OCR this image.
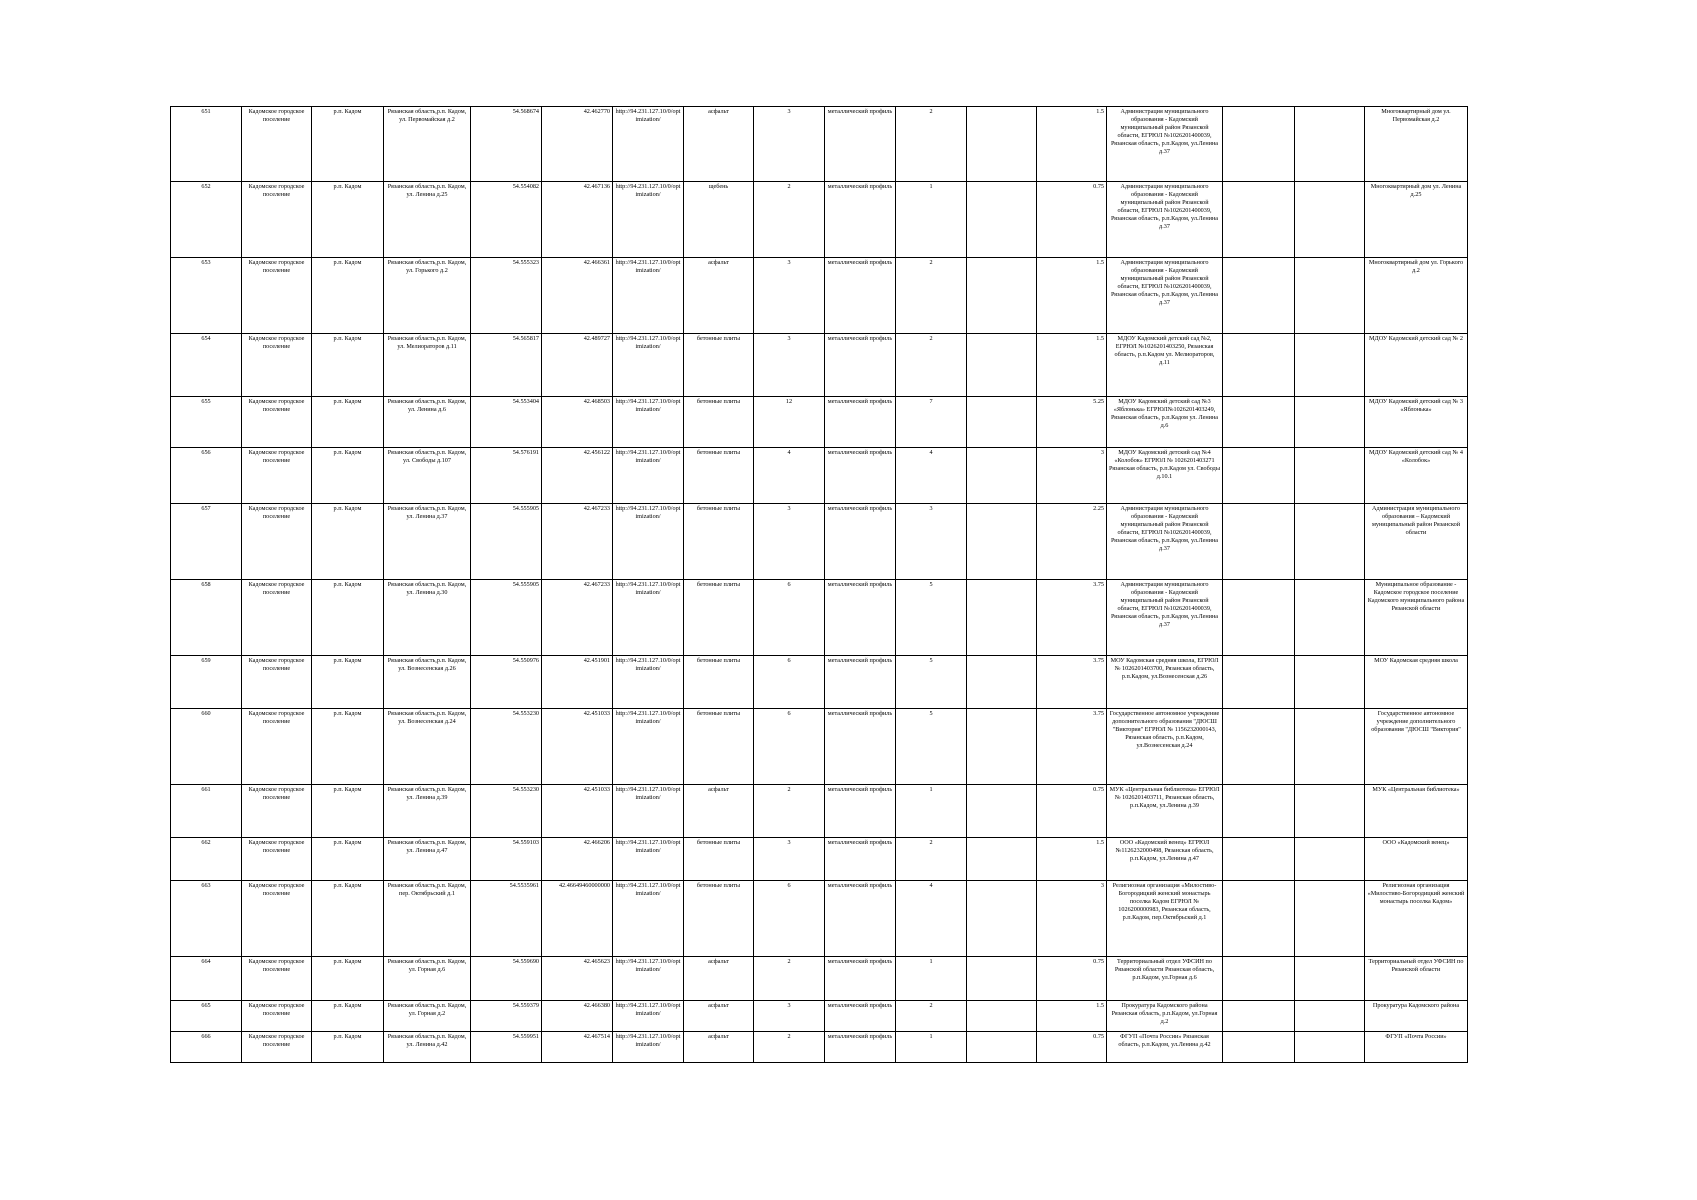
651	Кадомское городское поселение	р.п. Кадом	Рязанская область,р.п. Кадом, ул. Первомайская д.2	54.568674	42.462770	http://94.231.127.10/0/optimization/	асфальт	3	металлический профиль	2		1.5	Администрация муниципального образования - Кадомский муниципальный район Рязанской области, ЕГРЮЛ №1026201400039, Рязанская область, р.п.Кадом, ул.Ленина д.37			Многоквартирный дом ул. Первомайская д.2
652	Кадомское городское поселение	р.п. Кадом	Рязанская область,р.п. Кадом, ул. Ленина д.25	54.554082	42.467136	http://94.231.127.10/0/optimization/	щебень	2	металлический профиль	1		0.75	Администрация муниципального образования - Кадомский муниципальный район Рязанской области, ЕГРЮЛ №1026201400039, Рязанская область, р.п.Кадом, ул.Ленина д.37			Многоквартирный дом ул. Ленина д.25
653	Кадомское городское поселение	р.п. Кадом	Рязанская область,р.п. Кадом, ул. Горького д.2	54.555323	42.466361	http://94.231.127.10/0/optimization/	асфальт	3	металлический профиль	2		1.5	Администрация муниципального образования - Кадомский муниципальный район Рязанской области, ЕГРЮЛ №1026201400039, Рязанская область, р.п.Кадом, ул.Ленина д.37			Многоквартирный дом ул. Горького д.2
654	Кадомское городское поселение	р.п. Кадом	Рязанская область,р.п. Кадом, ул. Мелиораторов д.11	54.565817	42.489727	http://94.231.127.10/0/optimization/	бетонные плиты	3	металлический профиль	2		1.5	МДОУ Кадомский детский сад №2, ЕГРЮЛ №1026201403250, Рязанская область, р.п.Кадом ул. Мелиораторов, д.11			МДОУ Кадомский детский сад № 2
655	Кадомское городское поселение	р.п. Кадом	Рязанская область,р.п. Кадом, ул. Ленина д.6	54.553404	42.468503	http://94.231.127.10/0/optimization/	бетонные плиты	12	металлический профиль	7		5.25	МДОУ Кадомский детский сад №3 «Яблонька» ЕГРЮЛ№1026201403249, Рязанская область, р.п.Кадом ул. Ленина д.6			МДОУ Кадомский детский сад № 3 «Яблонька»
656	Кадомское городское поселение	р.п. Кадом	Рязанская область,р.п. Кадом, ул. Свободы д.107	54.576191	42.456122	http://94.231.127.10/0/optimization/	бетонные плиты	4	металлический профиль	4		3	МДОУ Кадомский детский сад №4 «Колобок» ЕГРЮЛ № 1026201403271 Рязанская область, р.п.Кадом ул. Свободы д.10.1			МДОУ Кадомский детский сад № 4 «Колобок»
657	Кадомское городское поселение	р.п. Кадом	Рязанская область,р.п. Кадом, ул. Ленина д.37	54.555905	42.467233	http://94.231.127.10/0/optimization/	бетонные плиты	3	металлический профиль	3		2.25	Администрация муниципального образования - Кадомский муниципальный район Рязанской области, ЕГРЮЛ №1026201400039, Рязанская область, р.п.Кадом, ул.Ленина д.37			Администрация муниципального образования – Кадомский муниципальный район Рязанской области
658	Кадомское городское поселение	р.п. Кадом	Рязанская область,р.п. Кадом, ул. Ленина д.30	54.555905	42.467233	http://94.231.127.10/0/optimization/	бетонные плиты	6	металлический профиль	5		3.75	Администрация муниципального образования - Кадомский муниципальный район Рязанской области, ЕГРЮЛ №1026201400039, Рязанская область, р.п.Кадом, ул.Ленина д.37			Муниципальное образование - Кадомское городское поселение Кадомского муниципального района Рязанской области
659	Кадомское городское поселение	р.п. Кадом	Рязанская область,р.п. Кадом, ул. Вознесенская д.26	54.550976	42.451901	http://94.231.127.10/0/optimization/	бетонные плиты	6	металлический профиль	5		3.75	МОУ Кадомская средняя школа, ЕГРЮЛ № 1026201403700, Рязанская область, р.п.Кадом, ул.Вознесенская д.26			МОУ Кадомская средняя школа
660	Кадомское городское поселение	р.п. Кадом	Рязанская область,р.п. Кадом, ул. Вознесенская д.24	54.553230	42.451033	http://94.231.127.10/0/optimization/	бетонные плиты	6	металлический профиль	5		3.75	Государственное автономное учреждение дополнительного образования "ДЮСШ "Виктория" ЕГРЮЛ № 1156232000143, Рязанская область, р.п.Кадом, ул.Вознесенская д.24			Государственное автономное учреждение дополнительного образования "ДЮСШ "Виктория"
661	Кадомское городское поселение	р.п. Кадом	Рязанская область,р.п. Кадом, ул. Ленина д.39	54.553230	42.451033	http://94.231.127.10/0/optimization/	асфальт	2	металлический профиль	1		0.75	МУК «Центральная библиотека» ЕГРЮЛ № 1026201403711, Рязанская область, р.п.Кадом, ул.Ленина д.39			МУК «Центральная библиотека»
662	Кадомское городское поселение	р.п. Кадом	Рязанская область,р.п. Кадом, ул. Ленина д.47	54.559103	42.466206	http://94.231.127.10/0/optimization/	бетонные плиты	3	металлический профиль	2		1.5	ООО «Кадомский венец» ЕГРЮЛ №1126232000498, Рязанская область, р.п.Кадом, ул.Ленина д.47			ООО «Кадомский венец»
663	Кадомское городское поселение	р.п. Кадом	Рязанская область,р.п. Кадом, пер. Октябрьский д.1	54.5535961	42.46649460000000	http://94.231.127.10/0/optimization/	бетонные плиты	6	металлический профиль	4		3	Религиозная организация «Милостиво-Богородицкий женский монастырь поселка Кадом ЕГРЮЛ № 1026200000983, Рязанская область, р.п.Кадом, пер.Октябрьский д.1			Религиозная организация «Милостиво-Богородицкий женский монастырь поселка Кадом»
664	Кадомское городское поселение	р.п. Кадом	Рязанская область,р.п. Кадом, ул. Горная д.6	54.559690	42.465623	http://94.231.127.10/0/optimization/	асфальт	2	металлический профиль	1		0.75	Территориальный отдел УФСИН по Рязанской области Рязанская область, р.п.Кадом, ул.Горная д.6			Территориальный отдел УФСИН по Рязанской области
665	Кадомское городское поселение	р.п. Кадом	Рязанская область,р.п. Кадом, ул. Горная д.2	54.559379	42.466380	http://94.231.127.10/0/optimization/	асфальт	3	металлический профиль	2		1.5	Прокуратура Кадомского района Рязанская область, р.п.Кадом, ул.Горная д.2			Прокуратура Кадомского района
666	Кадомское городское поселение	р.п. Кадом	Рязанская область,р.п. Кадом, ул. Ленина д.42	54.559951	42.467514	http://94.231.127.10/0/optimization/	асфальт	2	металлический профиль	1		0.75	ФГУП «Почта России» Рязанская область, р.п.Кадом, ул.Ленина д.42			ФГУП «Почта России»
